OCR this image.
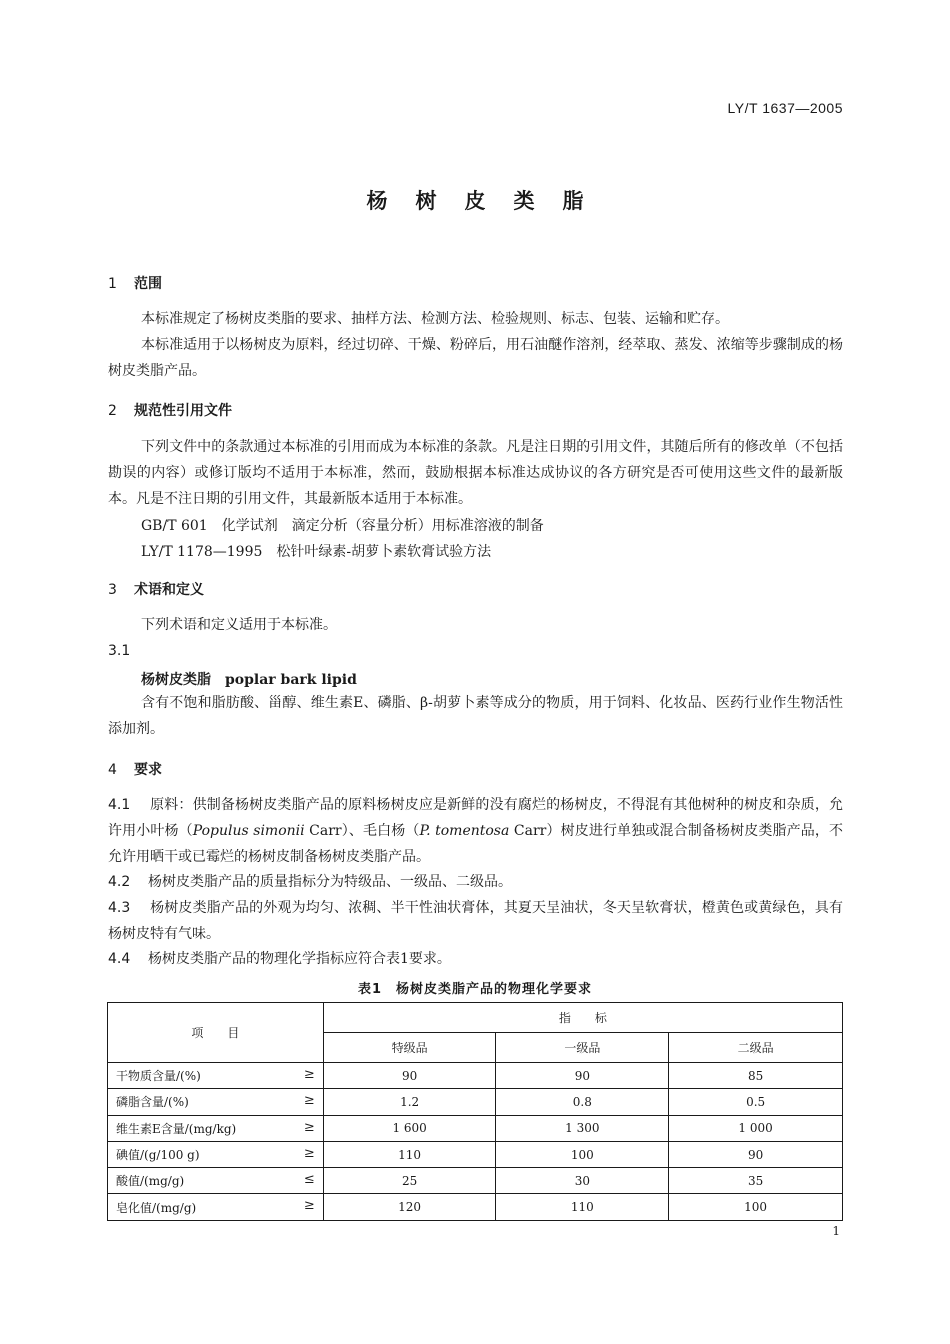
LY/T 1637—2005
杨树皮类脂
1 范围
本标准规定了杨树皮类脂的要求、抽样方法、检测方法、检验规则、标志、包装、运输和贮存。
本标准适用于以杨树皮为原料，经过切碎、干燥、粉碎后，用石油醚作溶剂，经萃取、蒸发、浓缩等步骤制成的杨树皮类脂产品。
2 规范性引用文件
下列文件中的条款通过本标准的引用而成为本标准的条款。凡是注日期的引用文件，其随后所有的修改单（不包括勘误的内容）或修订版均不适用于本标准，然而，鼓励根据本标准达成协议的各方研究是否可使用这些文件的最新版本。凡是不注日期的引用文件，其最新版本适用于本标准。
GB/T 601　化学试剂　滴定分析（容量分析）用标准溶液的制备
LY/T 1178—1995　松针叶绿素-胡萝卜素软膏试验方法
3 术语和定义
下列术语和定义适用于本标准。
3.1
杨树皮类脂　poplar bark lipid
含有不饱和脂肪酸、甾醇、维生素E、磷脂、β-胡萝卜素等成分的物质，用于饲料、化妆品、医药行业作生物活性添加剂。
4 要求
4.1 原料：供制备杨树皮类脂产品的原料杨树皮应是新鲜的没有腐烂的杨树皮，不得混有其他树种的树皮和杂质，允许用小叶杨（Populus simonii Carr）、毛白杨（P. tomentosa Carr）树皮进行单独或混合制备杨树皮类脂产品，不允许用晒干或已霉烂的杨树皮制备杨树皮类脂产品。
4.2 杨树皮类脂产品的质量指标分为特级品、一级品、二级品。
4.3 杨树皮类脂产品的外观为均匀、浓稠、半干性油状膏体，其夏天呈油状，冬天呈软膏状，橙黄色或黄绿色，具有杨树皮特有气味。
4.4 杨树皮类脂产品的物理化学指标应符合表1要求。
表1　杨树皮类脂产品的物理化学要求
项　　目	指　　标		
	特级品	一级品	二级品
干物质含量/(%) ≥	90	90	85
磷脂含量/(%) ≥	1.2	0.8	0.5
维生素E含量/(mg/kg) ≥	1 600	1 300	1 000
碘值/(g/100 g) ≥	110	100	90
酸值/(mg/g) ≤	25	30	35
皂化值/(mg/g) ≥	120	110	100
1
